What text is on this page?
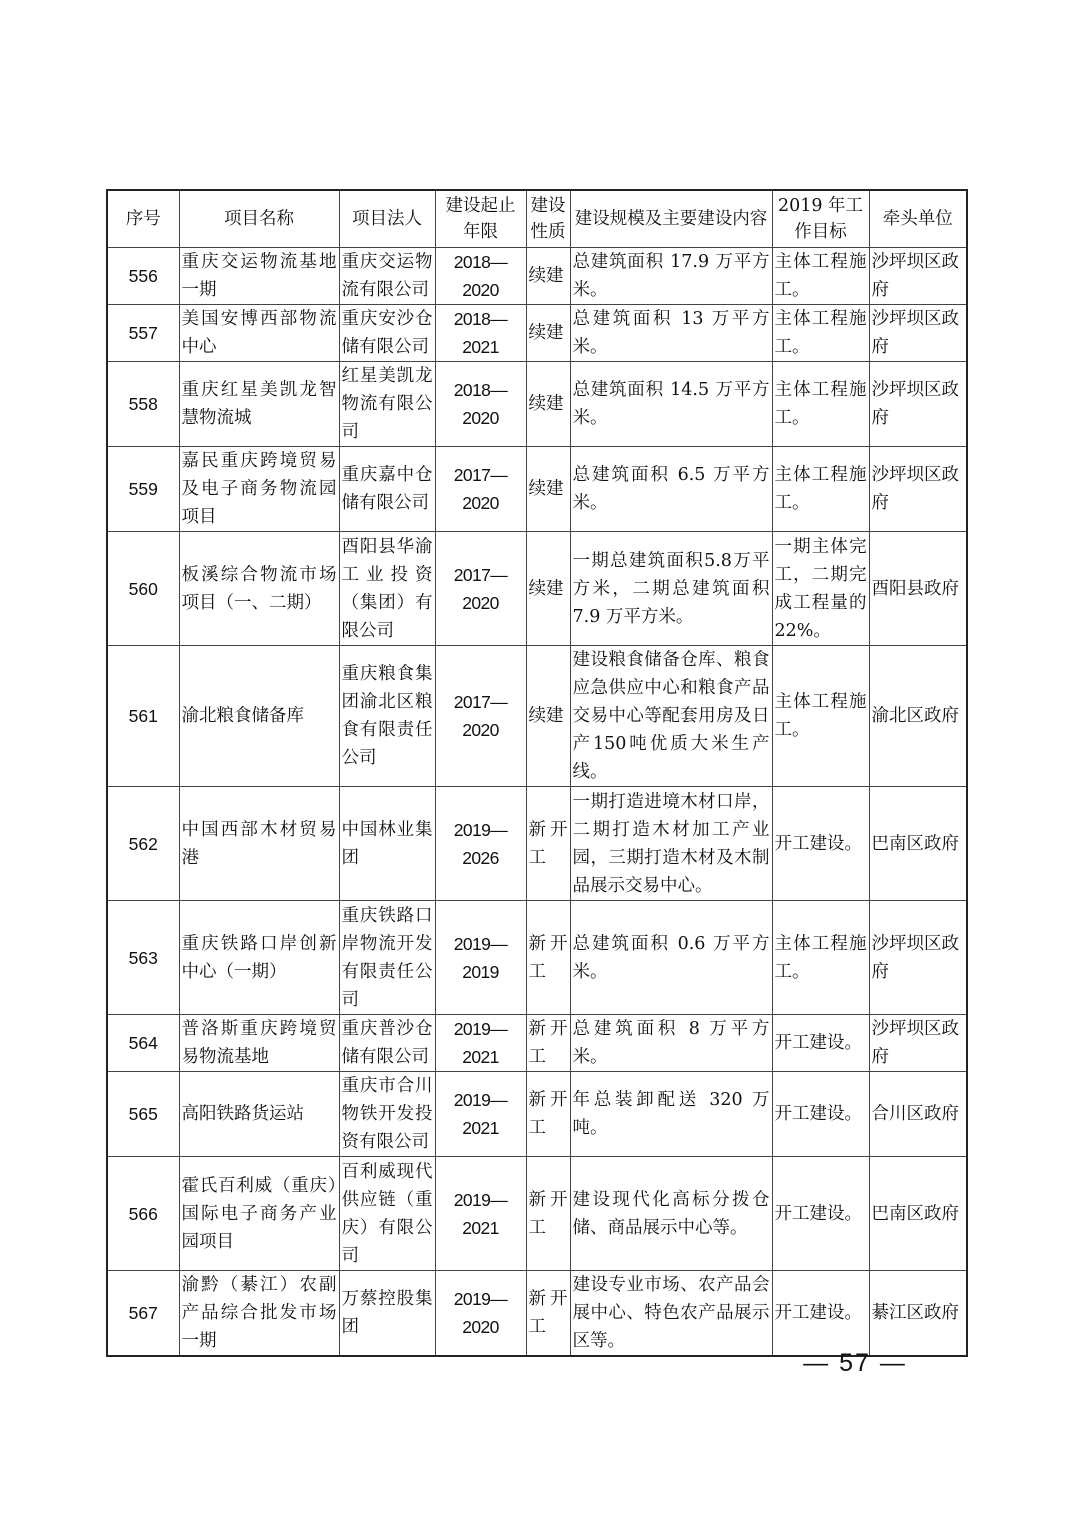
序号	项目名称	项目法人	建设起止年限	建设性质	建设规模及主要建设内容	2019 年工作目标	牵头单位
556	重庆交运物流基地一期	重庆交运物流有限公司	2018—2020	续建	总建筑面积 17.9 万平方米。	主体工程施工。	沙坪坝区政府
557	美国安博西部物流中心	重庆安沙仓储有限公司	2018—2021	续建	总建筑面积 13 万平方米。	主体工程施工。	沙坪坝区政府
558	重庆红星美凯龙智慧物流城	红星美凯龙物流有限公司	2018—2020	续建	总建筑面积 14.5 万平方米。	主体工程施工。	沙坪坝区政府
559	嘉民重庆跨境贸易及电子商务物流园项目	重庆嘉中仓储有限公司	2017—2020	续建	总建筑面积 6.5 万平方米。	主体工程施工。	沙坪坝区政府
560	板溪综合物流市场项目（一、二期）	酉阳县华渝工业投资（集团）有限公司	2017—2020	续建	一期总建筑面积5.8万平方米，二期总建筑面积7.9 万平方米。	一期主体完工，二期完成工程量的22%。	酉阳县政府
561	渝北粮食储备库	重庆粮食集团渝北区粮食有限责任公司	2017—2020	续建	建设粮食储备仓库、粮食应急供应中心和粮食产品交易中心等配套用房及日产150吨优质大米生产线。	主体工程施工。	渝北区政府
562	中国西部木材贸易港	中国林业集团	2019—2026	新开工	一期打造进境木材口岸，二期打造木材加工产业园，三期打造木材及木制品展示交易中心。	开工建设。	巴南区政府
563	重庆铁路口岸创新中心（一期）	重庆铁路口岸物流开发有限责任公司	2019—2019	新开工	总建筑面积 0.6 万平方米。	主体工程施工。	沙坪坝区政府
564	普洛斯重庆跨境贸易物流基地	重庆普沙仓储有限公司	2019—2021	新开工	总建筑面积 8 万平方米。	开工建设。	沙坪坝区政府
565	高阳铁路货运站	重庆市合川物铁开发投资有限公司	2019—2021	新开工	年总装卸配送 320 万吨。	开工建设。	合川区政府
566	霍氏百利威（重庆）国际电子商务产业园项目	百利威现代供应链（重庆）有限公司	2019—2021	新开工	建设现代化高标分拨仓储、商品展示中心等。	开工建设。	巴南区政府
567	渝黔（綦江）农副产品综合批发市场一期	万蔡控股集团	2019—2020	新开工	建设专业市场、农产品会展中心、特色农产品展示区等。	开工建设。	綦江区政府
— 57 —
